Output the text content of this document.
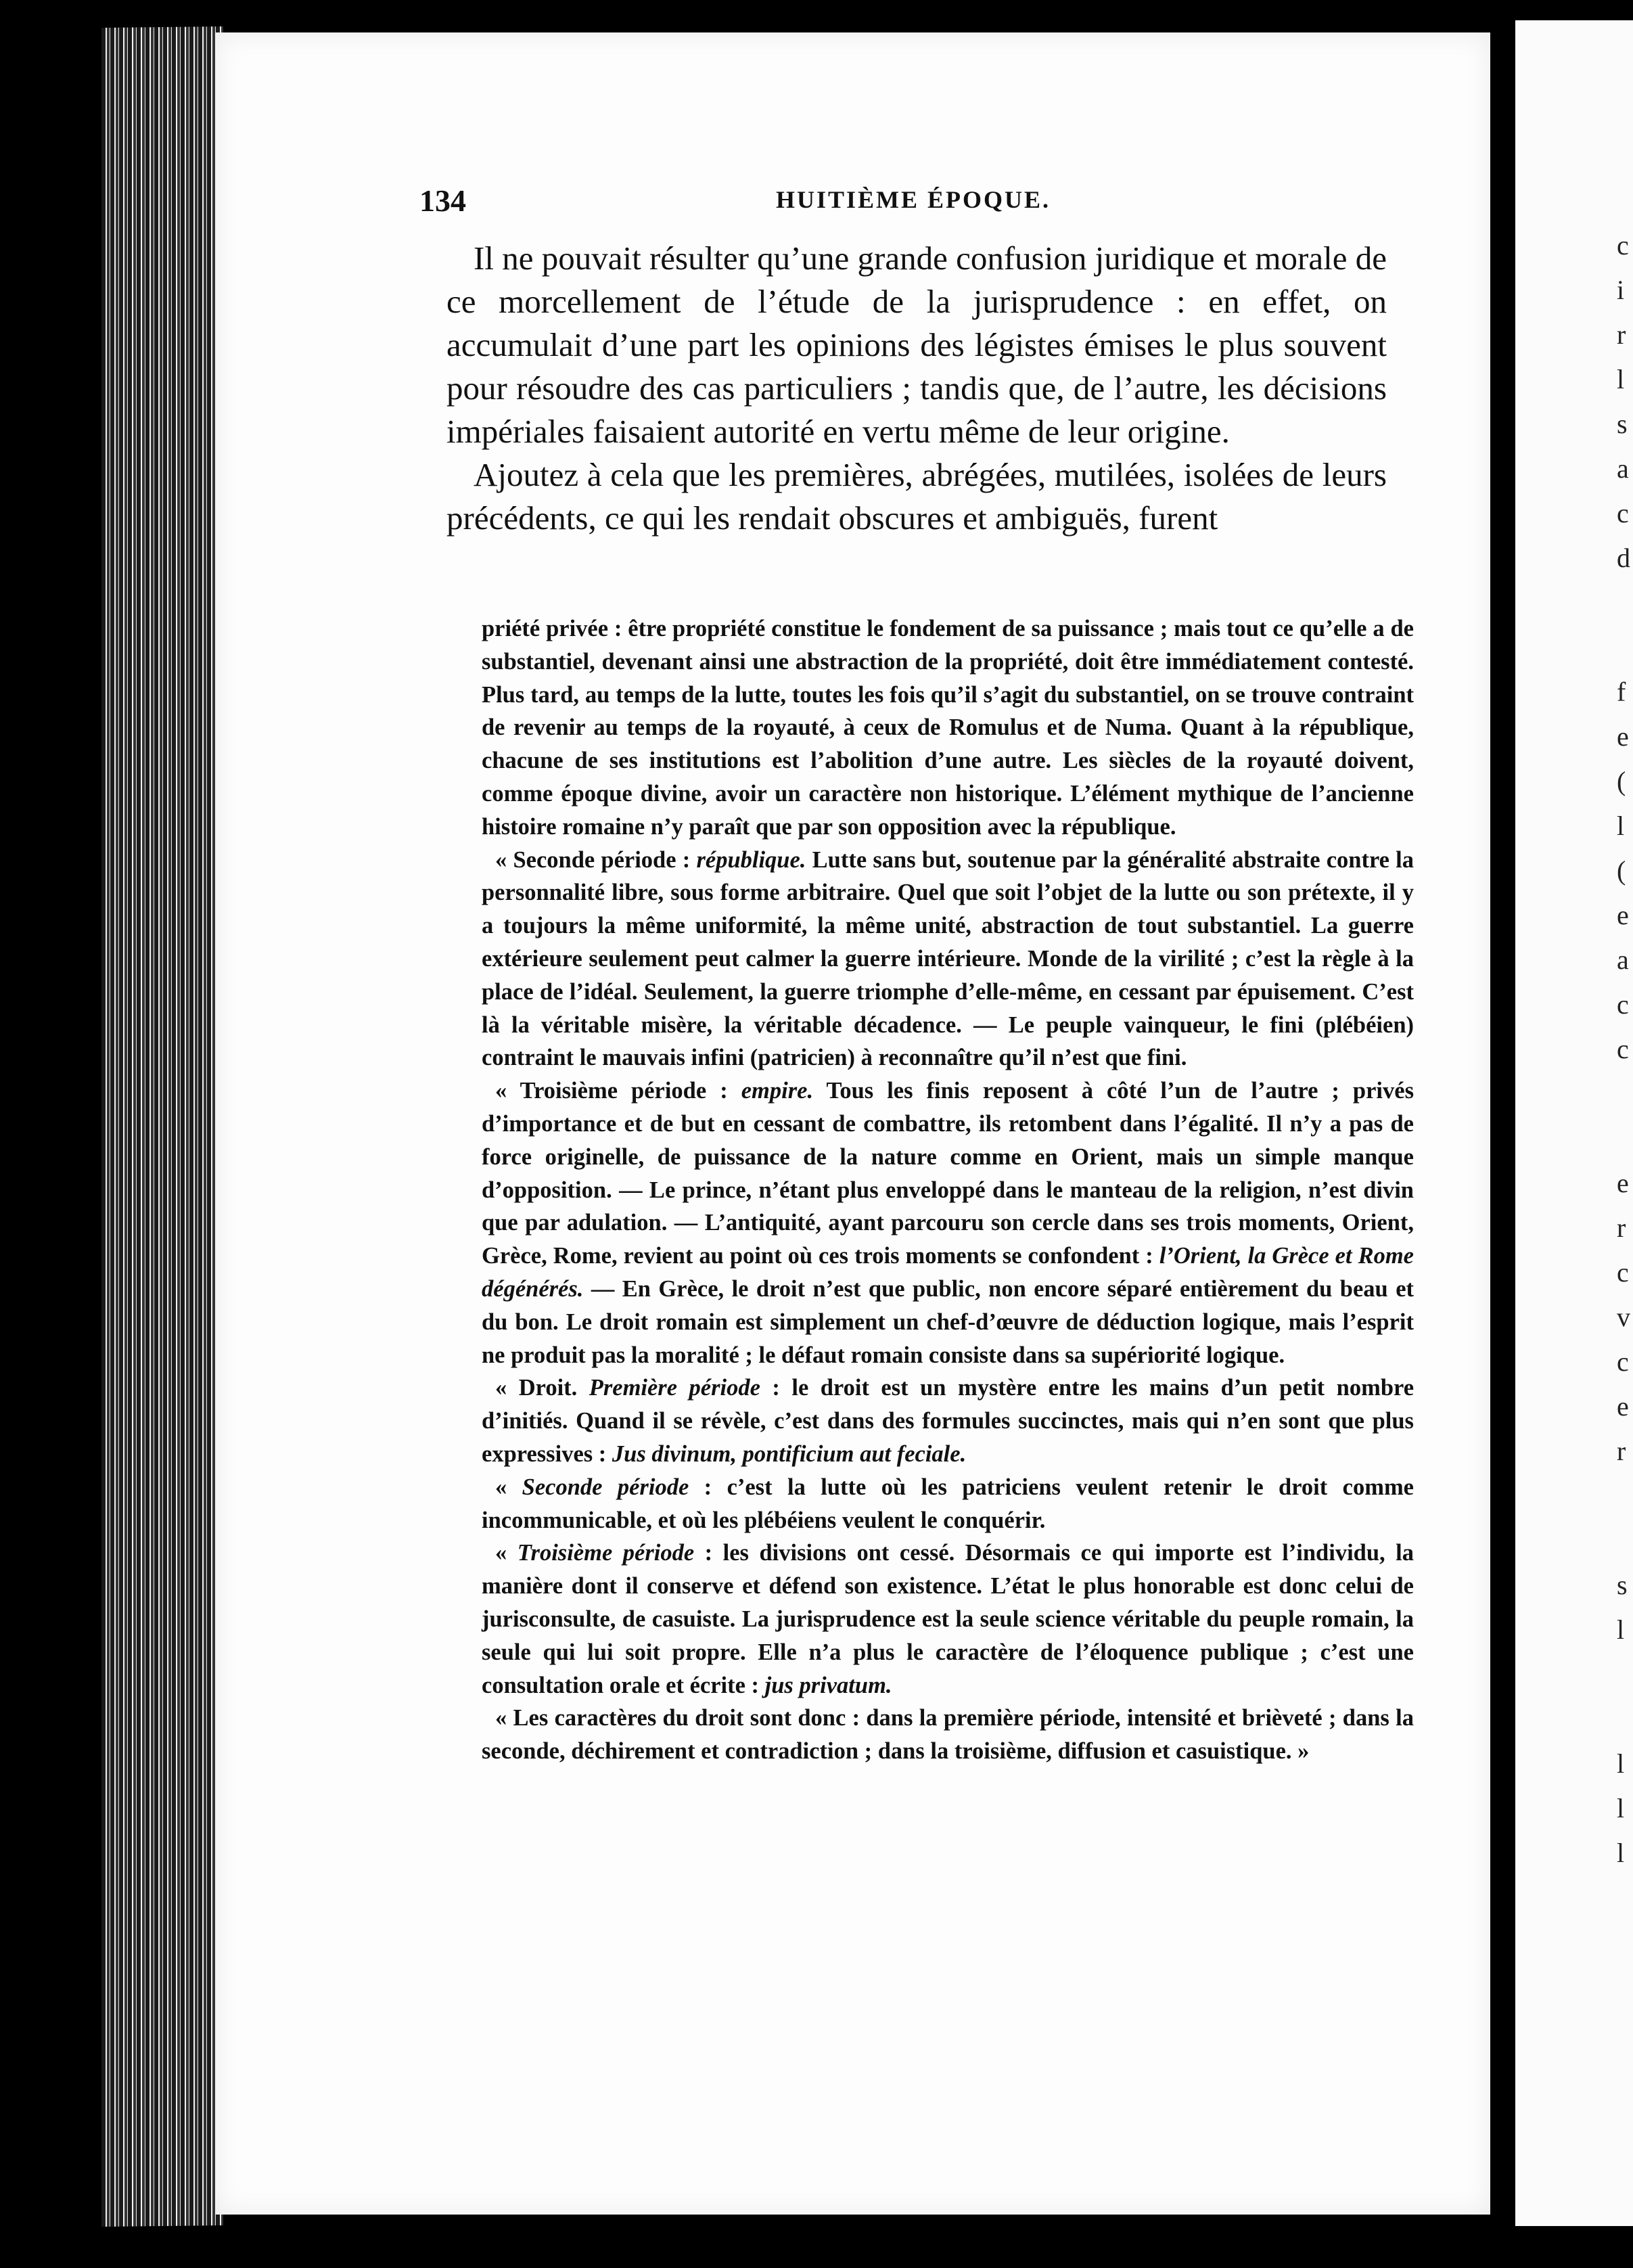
c
i
r
l
s
a
c
d

f
e
(
l
(
e
a
c
c

e
r
c
v
c
e
r

s
l

l
l
l
134	HUITIÈME ÉPOQUE.

Il ne pouvait résulter qu’une grande confusion juridique et morale de ce morcellement de l’étude de la jurisprudence : en effet, on accumulait d’une part les opinions des légistes émises le plus souvent pour résoudre des cas particuliers ; tandis que, de l’autre, les décisions impériales faisaient autorité en vertu même de leur origine.

Ajoutez à cela que les premières, abrégées, mutilées, isolées de leurs précédents, ce qui les rendait obscures et ambiguës, furent

priété privée : être propriété constitue le fondement de sa puissance ; mais tout ce qu’elle a de substantiel, devenant ainsi une abstraction de la propriété, doit être immédiatement contesté. Plus tard, au temps de la lutte, toutes les fois qu’il s’agit du substantiel, on se trouve contraint de revenir au temps de la royauté, à ceux de Romulus et de Numa. Quant à la république, chacune de ses institutions est l’abolition d’une autre. Les siècles de la royauté doivent, comme époque divine, avoir un caractère non historique. L’élément mythique de l’ancienne histoire romaine n’y paraît que par son opposition avec la république.

« Seconde période : république. Lutte sans but, soutenue par la généralité abstraite contre la personnalité libre, sous forme arbitraire. Quel que soit l’objet de la lutte ou son prétexte, il y a toujours la même uniformité, la même unité, abstraction de tout substantiel. La guerre extérieure seulement peut calmer la guerre intérieure. Monde de la virilité ; c’est la règle à la place de l’idéal. Seulement, la guerre triomphe d’elle-même, en cessant par épuisement. C’est là la véritable misère, la véritable décadence. — Le peuple vainqueur, le fini (plébéien) contraint le mauvais infini (patricien) à reconnaître qu’il n’est que fini.

« Troisième période : empire. Tous les finis reposent à côté l’un de l’autre ; privés d’importance et de but en cessant de combattre, ils retombent dans l’égalité. Il n’y a pas de force originelle, de puissance de la nature comme en Orient, mais un simple manque d’opposition. — Le prince, n’étant plus enveloppé dans le manteau de la religion, n’est divin que par adulation. — L’antiquité, ayant parcouru son cercle dans ses trois moments, Orient, Grèce, Rome, revient au point où ces trois moments se confondent : l’Orient, la Grèce et Rome dégénérés. — En Grèce, le droit n’est que public, non encore séparé entièrement du beau et du bon. Le droit romain est simplement un chef-d’œuvre de déduction logique, mais l’esprit ne produit pas la moralité ; le défaut romain consiste dans sa supériorité logique.

« Droit. Première période : le droit est un mystère entre les mains d’un petit nombre d’initiés. Quand il se révèle, c’est dans des formules succinctes, mais qui n’en sont que plus expressives : Jus divinum, pontificium aut feciale.

« Seconde période : c’est la lutte où les patriciens veulent retenir le droit comme incommunicable, et où les plébéiens veulent le conquérir.

« Troisième période : les divisions ont cessé. Désormais ce qui importe est l’individu, la manière dont il conserve et défend son existence. L’état le plus honorable est donc celui de jurisconsulte, de casuiste. La jurisprudence est la seule science véritable du peuple romain, la seule qui lui soit propre. Elle n’a plus le caractère de l’éloquence publique ; c’est une consultation orale et écrite : jus privatum.

« Les caractères du droit sont donc : dans la première période, intensité et brièveté ; dans la seconde, déchirement et contradiction ; dans la troisième, diffusion et casuistique. »
